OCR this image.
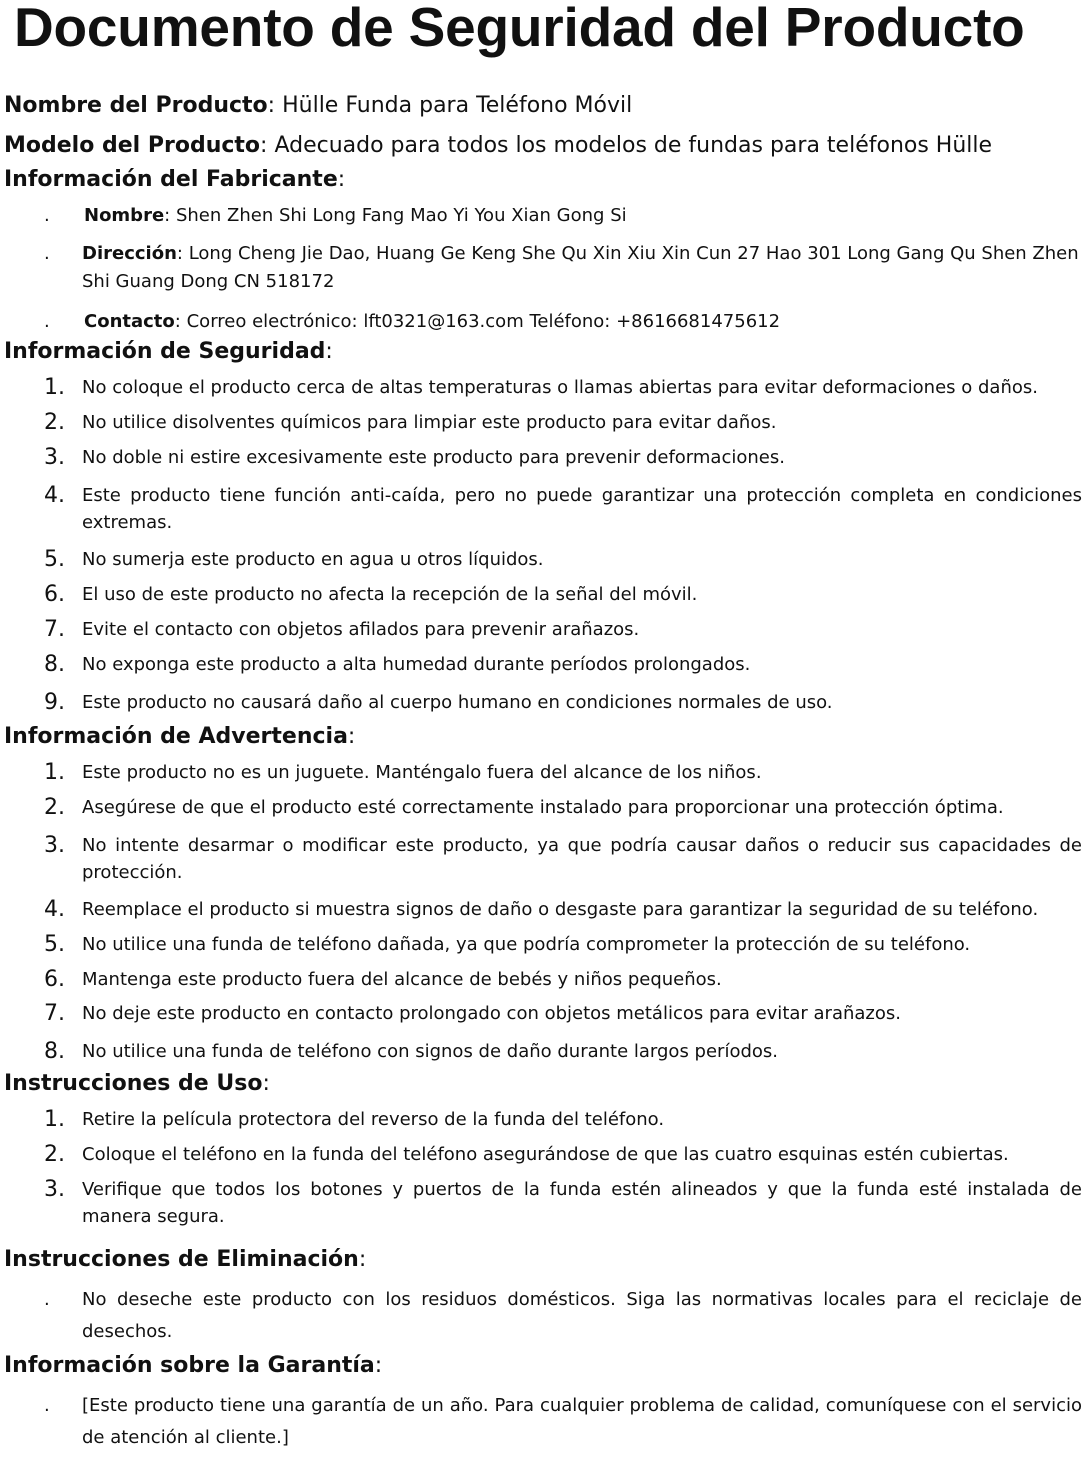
Documento de Seguridad del Producto
Nombre del Producto: Hülle Funda para Teléfono Móvil
Modelo del Producto: Adecuado para todos los modelos de fundas para teléfonos Hülle
Información del Fabricante:
. Nombre: Shen Zhen Shi Long Fang Mao Yi You Xian Gong Si
. Dirección: Long Cheng Jie Dao, Huang Ge Keng She Qu Xin Xiu Xin Cun 27 Hao 301 Long Gang Qu Shen Zhen Shi Guang Dong CN 518172
. Contacto: Correo electrónico: lft0321@163.com Teléfono: +8616681475612
Información de Seguridad:
1. No coloque el producto cerca de altas temperaturas o llamas abiertas para evitar deformaciones o daños.
2. No utilice disolventes químicos para limpiar este producto para evitar daños.
3. No doble ni estire excesivamente este producto para prevenir deformaciones.
4. Este producto tiene función anti-caída, pero no puede garantizar una protección completa en condiciones extremas.
5. No sumerja este producto en agua u otros líquidos.
6. El uso de este producto no afecta la recepción de la señal del móvil.
7. Evite el contacto con objetos afilados para prevenir arañazos.
8. No exponga este producto a alta humedad durante períodos prolongados.
9. Este producto no causará daño al cuerpo humano en condiciones normales de uso.
Información de Advertencia:
1. Este producto no es un juguete. Manténgalo fuera del alcance de los niños.
2. Asegúrese de que el producto esté correctamente instalado para proporcionar una protección óptima.
3. No intente desarmar o modificar este producto, ya que podría causar daños o reducir sus capacidades de protección.
4. Reemplace el producto si muestra signos de daño o desgaste para garantizar la seguridad de su teléfono.
5. No utilice una funda de teléfono dañada, ya que podría comprometer la protección de su teléfono.
6. Mantenga este producto fuera del alcance de bebés y niños pequeños.
7. No deje este producto en contacto prolongado con objetos metálicos para evitar arañazos.
8. No utilice una funda de teléfono con signos de daño durante largos períodos.
Instrucciones de Uso:
1. Retire la película protectora del reverso de la funda del teléfono.
2. Coloque el teléfono en la funda del teléfono asegurándose de que las cuatro esquinas estén cubiertas.
3. Verifique que todos los botones y puertos de la funda estén alineados y que la funda esté instalada de manera segura.
Instrucciones de Eliminación:
. No deseche este producto con los residuos domésticos. Siga las normativas locales para el reciclaje de desechos.
Información sobre la Garantía:
. [Este producto tiene una garantía de un año. Para cualquier problema de calidad, comuníquese con el servicio de atención al cliente.]
